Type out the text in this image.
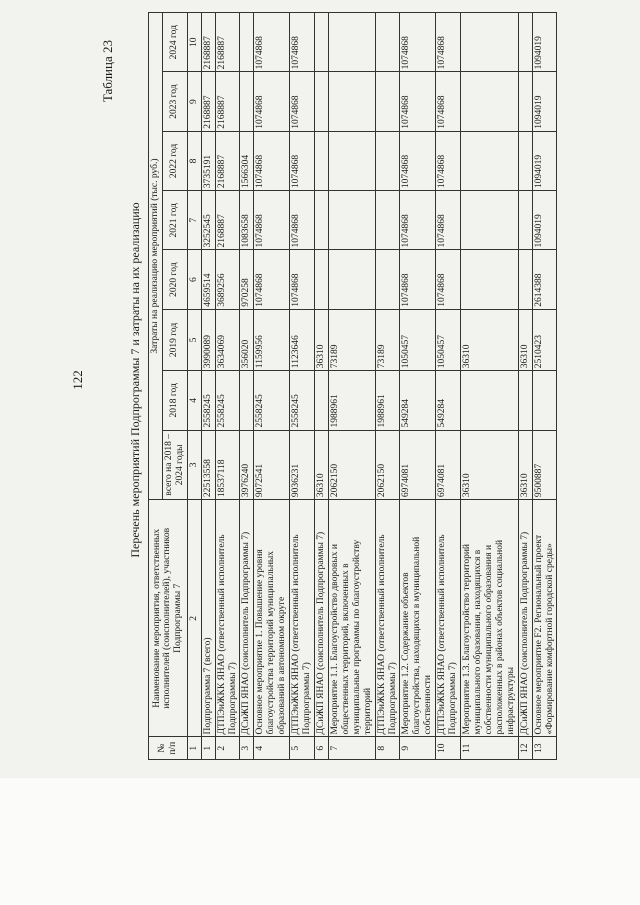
122
Таблица 23
Перечень мероприятий Подпрограммы 7 и затраты на их реализацию
№ п/п	Наименование мероприятия, ответственных исполнителей (соисполнителей), участников Подпрограммы 7	Затраты на реализацию мероприятий (тыс. руб.)							
		всего на 2018 – 2024 годы	2018 год	2019 год	2020 год	2021 год	2022 год	2023 год	2024 год
1	2	3	4	5	6	7	8	9	10
1	Подпрограмма 7 (всего)	22513558	2558245	3990089	4659514	3252545	3735191	2168887	2168887
2	ДТПЭиЖКК ЯНАО (ответственный исполнитель Подпрограммы 7)	18537118	2558245	3634069	3689256	2168887	2168887	2168887	2168887
3	ДСиЖП ЯНАО (соисполнитель Подпрограммы 7)	3976240		356020	970258	1083658	1566304		
4	Основное мероприятие 1. Повышение уровня благоустройства территорий муниципальных образований в автономном округе	9072541	2558245	1159956	1074868	1074868	1074868	1074868	1074868
5	ДТПЭиЖКК ЯНАО (ответственный исполнитель Подпрограммы 7)	9036231	2558245	1123646	1074868	1074868	1074868	1074868	1074868
6	ДСиЖП ЯНАО (соисполнитель Подпрограммы 7)	36310		36310					
7	Мероприятие 1.1. Благоустройство дворовых и общественных территорий, включенных в муниципальные программы по благоустройству территорий	2062150	1988961	73189					
8	ДТПЭиЖКК ЯНАО (ответственный исполнитель Подпрограммы 7)	2062150	1988961	73189					
9	Мероприятие 1.2. Содержание объектов благоустройства, находящихся в муниципальной собственности	6974081	549284	1050457	1074868	1074868	1074868	1074868	1074868
10	ДТПЭиЖКК ЯНАО (ответственный исполнитель Подпрограммы 7)	6974081	549284	1050457	1074868	1074868	1074868	1074868	1074868
11	Мероприятие 1.3. Благоустройство территорий муниципального образования, находящихся в собственности муниципального образования и расположенных в районах объектов социальной инфраструктуры	36310		36310					
12	ДСиЖП ЯНАО (соисполнитель Подпрограммы 7)	36310		36310					
13	Основное мероприятие F2. Региональный проект «Формирование комфортной городской среды»	9500887		2510423	2614388	1094019	1094019	1094019	1094019
